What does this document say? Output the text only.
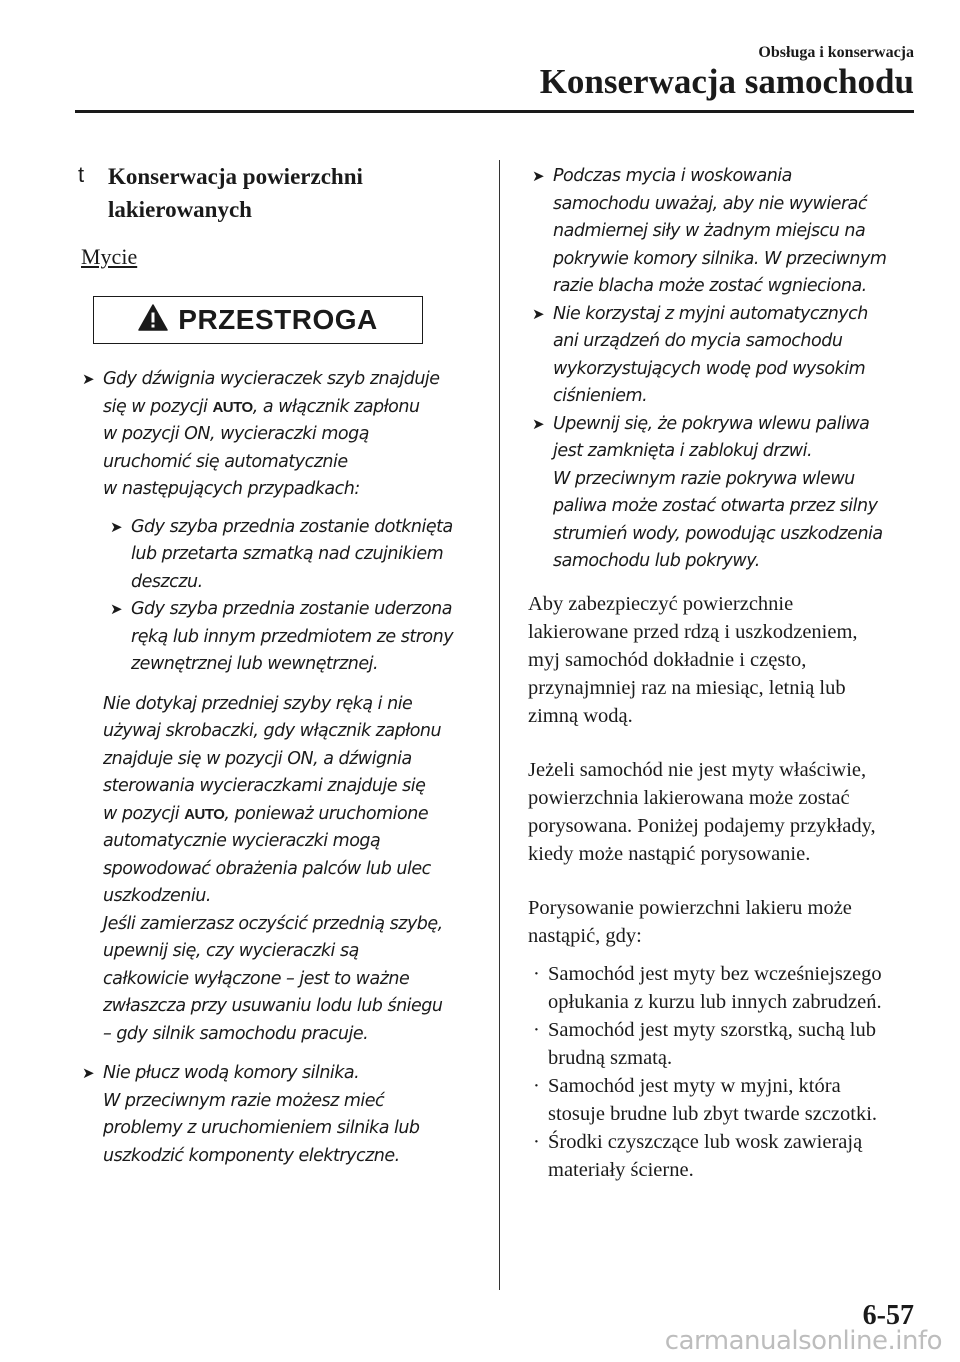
Obsługa i konserwacja
Konserwacja samochodu
t	Konserwacja powierzchni
lakierowanych
Mycie
PRZESTROGA
➤ Gdy dźwignia wycieraczek szyb znajduje

się w pozycji AUTO, a włącznik zapłonu

w pozycji ON, wycieraczki mogą

uruchomić się automatycznie

w następujących przypadkach:

➤ Gdy szyba przednia zostanie dotknięta

lub przetarta szmatką nad czujnikiem

deszczu.

➤ Gdy szyba przednia zostanie uderzona

ręką lub innym przedmiotem ze strony

zewnętrznej lub wewnętrznej.

Nie dotykaj przedniej szyby ręką i nie

używaj skrobaczki, gdy włącznik zapłonu

znajduje się w pozycji ON, a dźwignia

sterowania wycieraczkami znajduje się

w pozycji AUTO, ponieważ uruchomione

automatycznie wycieraczki mogą

spowodować obrażenia palców lub ulec

uszkodzeniu.

Jeśli zamierzasz oczyścić przednią szybę,

upewnij się, czy wycieraczki są

całkowicie wyłączone – jest to ważne

zwłaszcza przy usuwaniu lodu lub śniegu

– gdy silnik samochodu pracuje.

➤ Nie płucz wodą komory silnika.

W przeciwnym razie możesz mieć

problemy z uruchomieniem silnika lub

uszkodzić komponenty elektryczne.

➤ Podczas mycia i woskowania

samochodu uważaj, aby nie wywierać

nadmiernej siły w żadnym miejscu na

pokrywie komory silnika. W przeciwnym

razie blacha może zostać wgnieciona.

➤ Nie korzystaj z myjni automatycznych

ani urządzeń do mycia samochodu

wykorzystujących wodę pod wysokim

ciśnieniem.

➤ Upewnij się, że pokrywa wlewu paliwa

jest zamknięta i zablokuj drzwi.

W przeciwnym razie pokrywa wlewu

paliwa może zostać otwarta przez silny

strumień wody, powodując uszkodzenia

samochodu lub pokrywy.

Aby zabezpieczyć powierzchnie
lakierowane przed rdzą i uszkodzeniem,
myj samochód dokładnie i często,
przynajmniej raz na miesiąc, letnią lub
zimną wodą.

Jeżeli samochód nie jest myty właściwie,
powierzchnia lakierowana może zostać
porysowana. Poniżej podajemy przykłady,
kiedy może nastąpić porysowanie.

Porysowanie powierzchni lakieru może
nastąpić, gdy:

· Samochód jest myty bez wcześniejszego
opłukania z kurzu lub innych zabrudzeń.
· Samochód jest myty szorstką, suchą lub
brudną szmatą.
· Samochód jest myty w myjni, która
stosuje brudne lub zbyt twarde szczotki.
· Środki czyszczące lub wosk zawierają
materiały ścierne.
6-57
carmanualsonline.info
